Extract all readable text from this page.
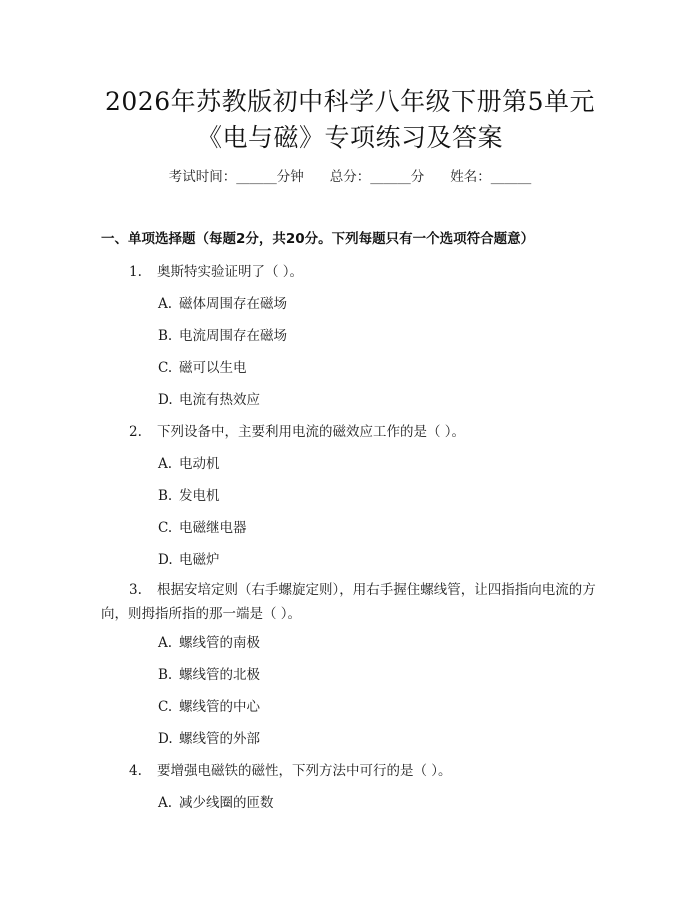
2026年苏教版初中科学八年级下册第5单元
《电与磁》专项练习及答案
考试时间：______分钟 总分：______分 姓名：______
一、单项选择题（每题2分，共20分。下列每题只有一个选项符合题意）
1. 奥斯特实验证明了（ ）。
A. 磁体周围存在磁场
B. 电流周围存在磁场
C. 磁可以生电
D. 电流有热效应
2. 下列设备中，主要利用电流的磁效应工作的是（ ）。
A. 电动机
B. 发电机
C. 电磁继电器
D. 电磁炉
3. 根据安培定则（右手螺旋定则），用右手握住螺线管，让四指指向电流的方向，则拇指所指的那一端是（ ）。
A. 螺线管的南极
B. 螺线管的北极
C. 螺线管的中心
D. 螺线管的外部
4. 要增强电磁铁的磁性，下列方法中可行的是（ ）。
A. 减少线圈的匝数
